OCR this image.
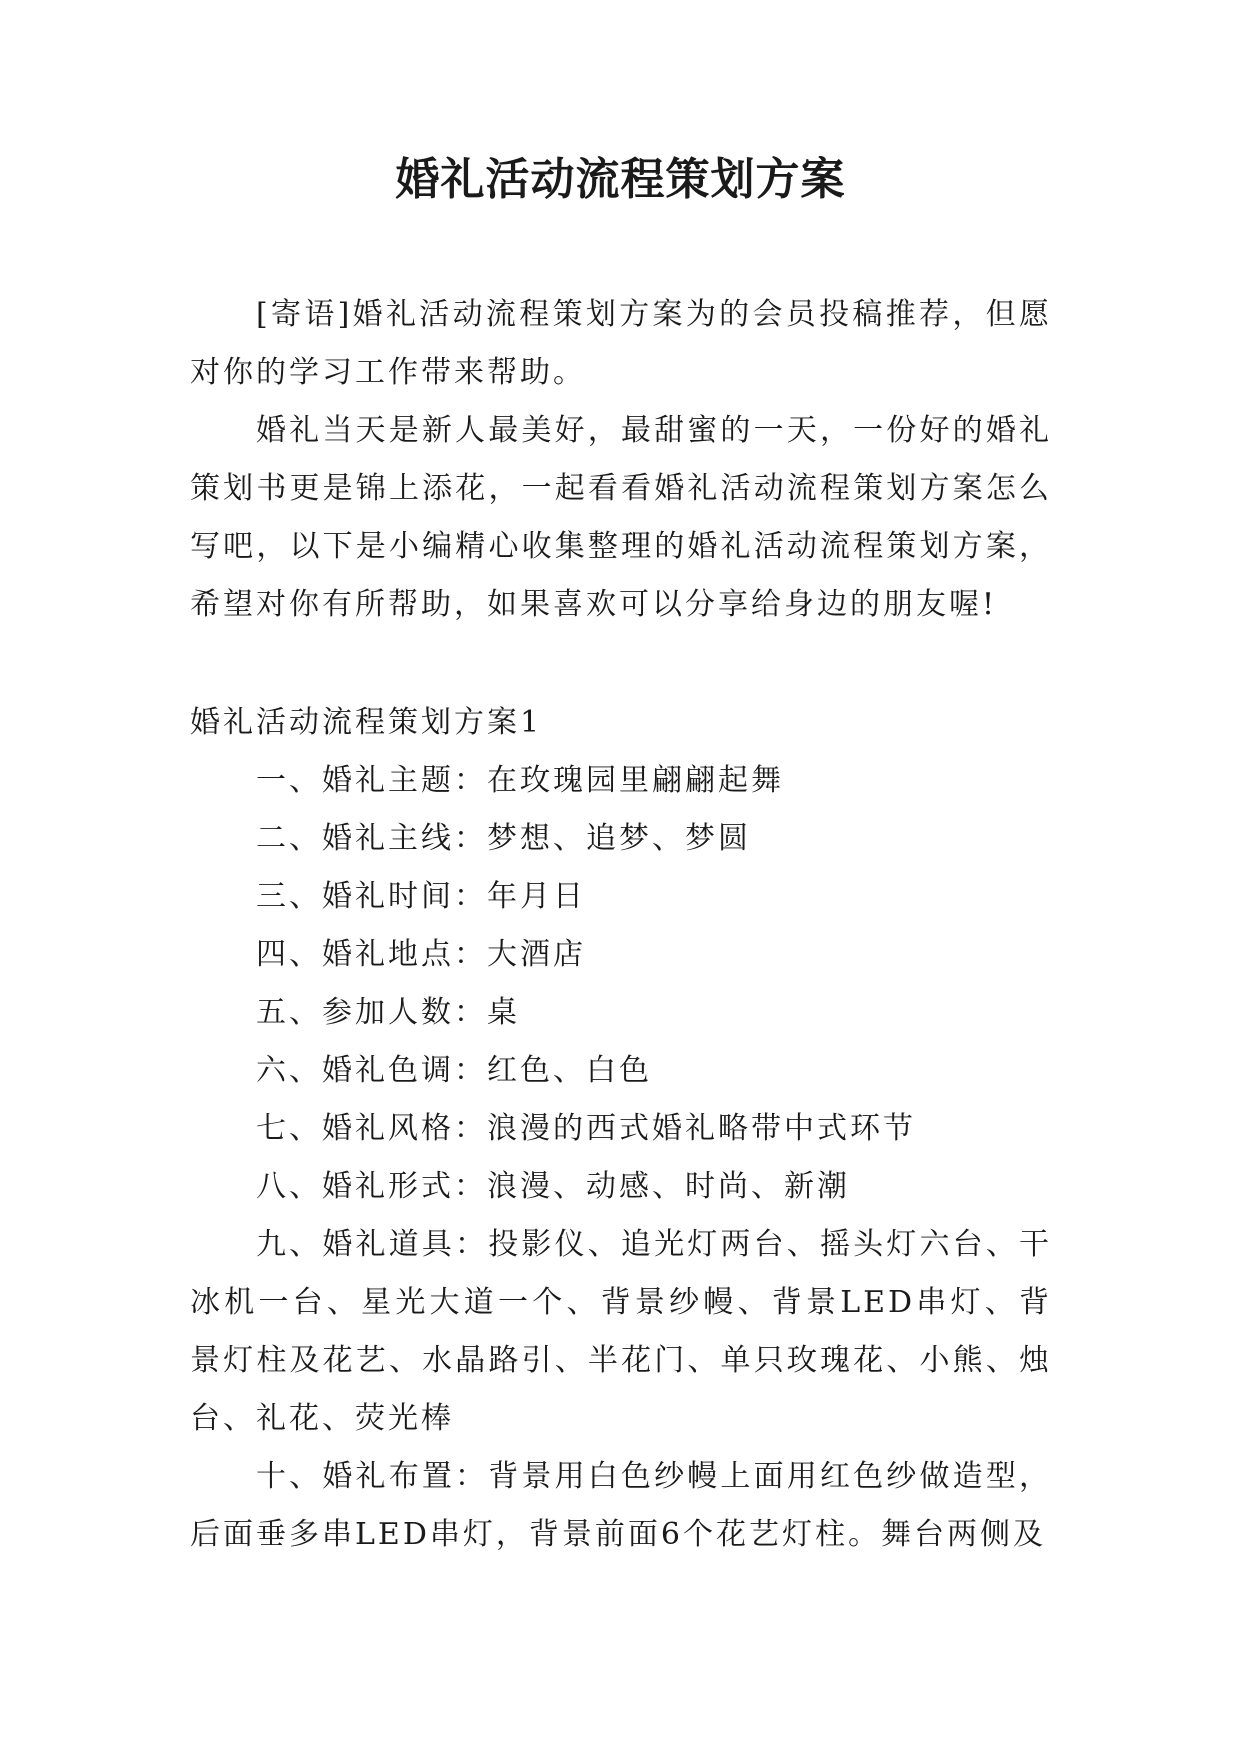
婚礼活动流程策划方案

[寄语]婚礼活动流程策划方案为的会员投稿推荐，但愿对你的学习工作带来帮助。

婚礼当天是新人最美好，最甜蜜的一天，一份好的婚礼策划书更是锦上添花，一起看看婚礼活动流程策划方案怎么写吧，以下是小编精心收集整理的婚礼活动流程策划方案，希望对你有所帮助，如果喜欢可以分享给身边的朋友喔!

婚礼活动流程策划方案1

一、婚礼主题：在玫瑰园里翩翩起舞

二、婚礼主线：梦想、追梦、梦圆

三、婚礼时间：年月日

四、婚礼地点：大酒店

五、参加人数：桌

六、婚礼色调：红色、白色

七、婚礼风格：浪漫的西式婚礼略带中式环节

八、婚礼形式：浪漫、动感、时尚、新潮

九、婚礼道具：投影仪、追光灯两台、摇头灯六台、干冰机一台、星光大道一个、背景纱幔、背景LED串灯、背景灯柱及花艺、水晶路引、半花门、单只玫瑰花、小熊、烛台、礼花、荧光棒

十、婚礼布置：背景用白色纱幔上面用红色纱做造型，后面垂多串LED串灯，背景前面6个花艺灯柱。舞台两侧及
